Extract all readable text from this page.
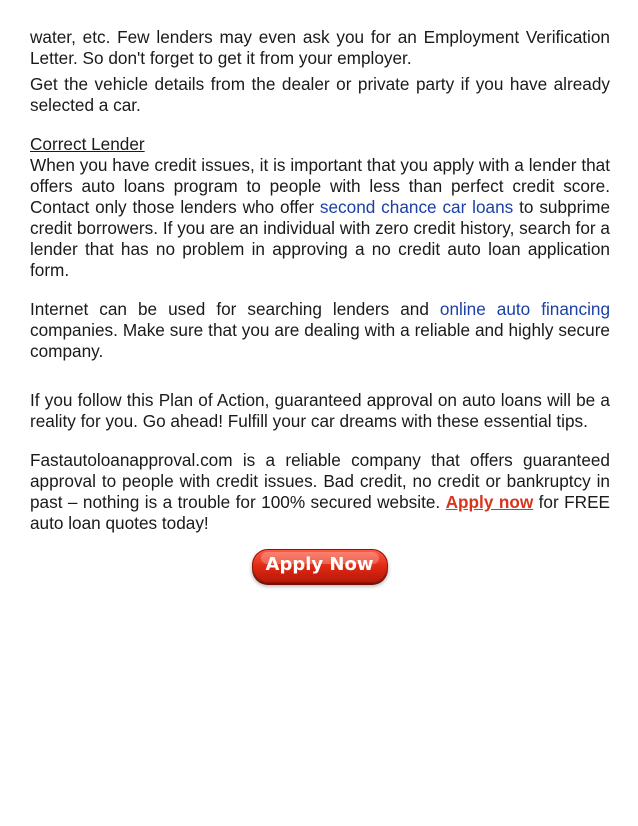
water, etc. Few lenders may even ask you for an Employment Verification Letter. So don't forget to get it from your employer.

Get the vehicle details from the dealer or private party if you have already selected a car.

Correct Lender

When you have credit issues, it is important that you apply with a lender that offers auto loans program to people with less than perfect credit score. Contact only those lenders who offer second chance car loans to subprime credit borrowers. If you are an individual with zero credit history, search for a lender that has no problem in approving a no credit auto loan application form.

Internet can be used for searching lenders and online auto financing companies. Make sure that you are dealing with a reliable and highly secure company.

If you follow this Plan of Action, guaranteed approval on auto loans will be a reality for you. Go ahead! Fulfill your car dreams with these essential tips.

Fastautoloanapproval.com is a reliable company that offers guaranteed approval to people with credit issues. Bad credit, no credit or bankruptcy in past – nothing is a trouble for 100% secured website. Apply now for FREE auto loan quotes today!

Apply Now
